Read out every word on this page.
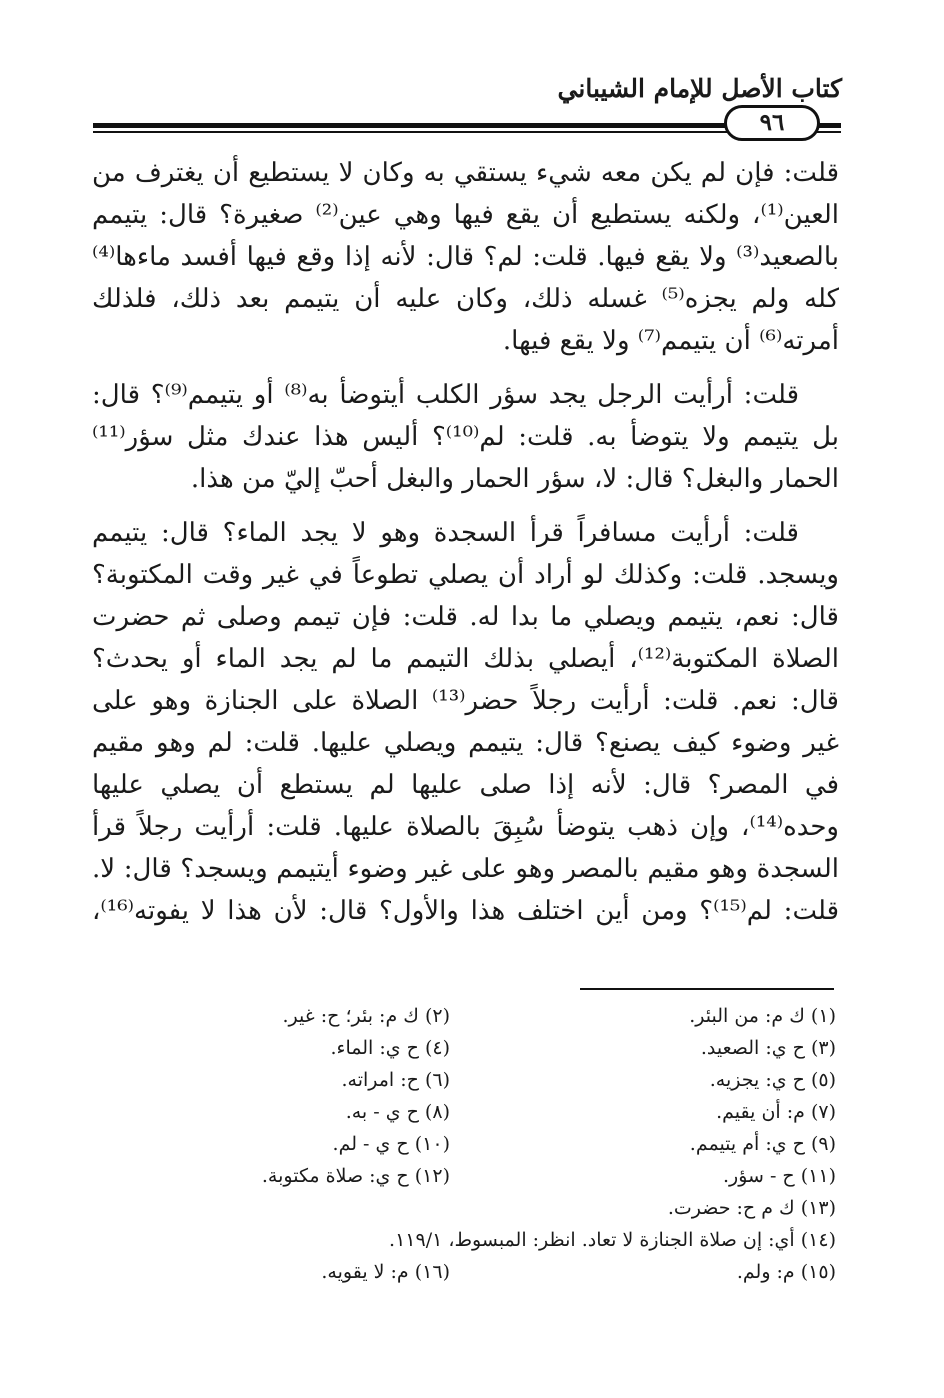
كتاب الأصل للإمام الشيباني
٩٦
قلت: فإن لم يكن معه شيء يستقي به وكان لا يستطيع أن يغترف من
العين⁽¹⁾، ولكنه يستطيع أن يقع فيها وهي عين⁽²⁾ صغيرة؟ قال: يتيمم
بالصعيد⁽³⁾ ولا يقع فيها. قلت: لم؟ قال: لأنه إذا وقع فيها أفسد ماءها⁽⁴⁾
كله ولم يجزه⁽⁵⁾ غسله ذلك، وكان عليه أن يتيمم بعد ذلك، فلذلك
أمرته⁽⁶⁾ أن يتيمم⁽⁷⁾ ولا يقع فيها.
قلت: أرأيت الرجل يجد سؤر الكلب أيتوضأ به⁽⁸⁾ أو يتيمم⁽⁹⁾؟ قال:
بل يتيمم ولا يتوضأ به. قلت: لم⁽¹⁰⁾؟ أليس هذا عندك مثل سؤر⁽¹¹⁾
الحمار والبغل؟ قال: لا، سؤر الحمار والبغل أحبّ إليّ من هذا.
قلت: أرأيت مسافراً قرأ السجدة وهو لا يجد الماء؟ قال: يتيمم
ويسجد. قلت: وكذلك لو أراد أن يصلي تطوعاً في غير وقت المكتوبة؟
قال: نعم، يتيمم ويصلي ما بدا له. قلت: فإن تيمم وصلى ثم حضرت
الصلاة المكتوبة⁽¹²⁾، أيصلي بذلك التيمم ما لم يجد الماء أو يحدث؟
قال: نعم. قلت: أرأيت رجلاً حضر⁽¹³⁾ الصلاة على الجنازة وهو على
غير وضوء كيف يصنع؟ قال: يتيمم ويصلي عليها. قلت: لم وهو مقيم
في المصر؟ قال: لأنه إذا صلى عليها لم يستطع أن يصلي عليها
وحده⁽¹⁴⁾، وإن ذهب يتوضأ سُبِقَ بالصلاة عليها. قلت: أرأيت رجلاً قرأ
السجدة وهو مقيم بالمصر وهو على غير وضوء أيتيمم ويسجد؟ قال: لا.
قلت: لم⁽¹⁵⁾؟ ومن أين اختلف هذا والأول؟ قال: لأن هذا لا يفوته⁽¹⁶⁾،
(١) ك م: من البئر.
(٢) ك م: بئر؛ ح: غير.
(٣) ح ي: الصعيد.
(٤) ح ي: الماء.
(٥) ح ي: يجزيه.
(٦) ح: امراته.
(٧) م: أن يقيم.
(٨) ح ي - به.
(٩) ح ي: أم يتيمم.
(١٠) ح ي - لم.
(١١) ح - سؤر.
(١٢) ح ي: صلاة مكتوبة.
(١٣) ك م ح: حضرت.
(١٤) أي: إن صلاة الجنازة لا تعاد. انظر: المبسوط، ١١٩/١.
(١٥) م: ولم.
(١٦) م: لا يقويه.
